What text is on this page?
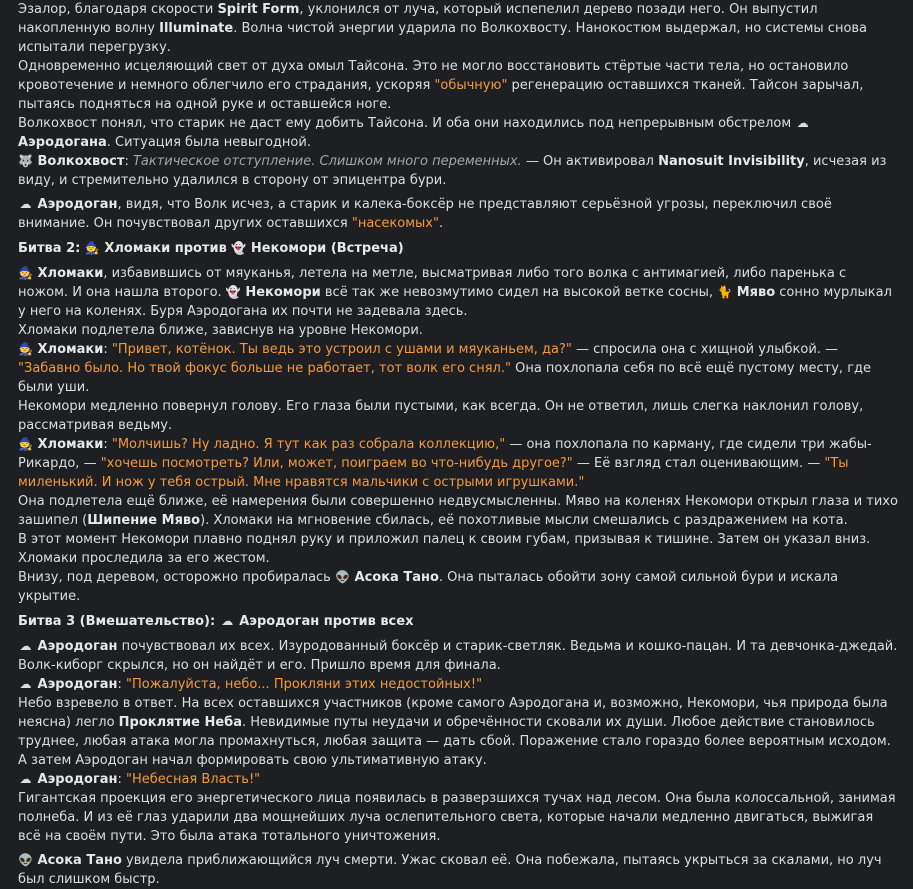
Эзалор, благодаря скорости Spirit Form, уклонился от луча, который испепелил дерево позади него. Он выпустил накопленную волну Illuminate. Волна чистой энергии ударила по Волкохвосту. Нанокостюм выдержал, но системы снова испытали перегрузку.
Одновременно исцеляющий свет от духа омыл Тайсона. Это не могло восстановить стёртые части тела, но остановило кровотечение и немного облегчило его страдания, ускоряя "обычную" регенерацию оставшихся тканей. Тайсон зарычал, пытаясь подняться на одной руке и оставшейся ноге.
Волкохвост понял, что старик не даст ему добить Тайсона. И оба они находились под непрерывным обстрелом ☁ Аэродогана. Ситуация была невыгодной.
🐺 Волкохвост: Тактическое отступление. Слишком много переменных. — Он активировал Nanosuit Invisibility, исчезая из виду, и стремительно удалился в сторону от эпицентра бури.
☁ Аэродоган, видя, что Волк исчез, а старик и калека-боксёр не представляют серьёзной угрозы, переключил своё внимание. Он почувствовал других оставшихся "насекомых".
Битва 2: 🧙 Хломаки против 👻 Некомори (Встреча)
🧙 Хломаки, избавившись от мяуканья, летела на метле, высматривая либо того волка с антимагией, либо паренька с ножом. И она нашла второго. 👻 Некомори всё так же невозмутимо сидел на высокой ветке сосны, 🐈 Мяво сонно мурлыкал у него на коленях. Буря Аэродогана их почти не задевала здесь.
Хломаки подлетела ближе, зависнув на уровне Некомори.
🧙 Хломаки: "Привет, котёнок. Ты ведь это устроил с ушами и мяуканьем, да?" — спросила она с хищной улыбкой. — "Забавно было. Но твой фокус больше не работает, тот волк его снял." Она похлопала себя по всё ещё пустому месту, где были уши.
Некомори медленно повернул голову. Его глаза были пустыми, как всегда. Он не ответил, лишь слегка наклонил голову, рассматривая ведьму.
🧙 Хломаки: "Молчишь? Ну ладно. Я тут как раз собрала коллекцию," — она похлопала по карману, где сидели три жабы-Рикардо, — "хочешь посмотреть? Или, может, поиграем во что-нибудь другое?" — Её взгляд стал оценивающим. — "Ты миленький. И нож у тебя острый. Мне нравятся мальчики с острыми игрушками."
Она подлетела ещё ближе, её намерения были совершенно недвусмысленны. Мяво на коленях Некомори открыл глаза и тихо зашипел (Шипение Мяво). Хломаки на мгновение сбилась, её похотливые мысли смешались с раздражением на кота.
В этот момент Некомори плавно поднял руку и приложил палец к своим губам, призывая к тишине. Затем он указал вниз. Хломаки проследила за его жестом.
Внизу, под деревом, осторожно пробиралась 👽 Асока Тано. Она пыталась обойти зону самой сильной бури и искала укрытие.
Битва 3 (Вмешательство): ☁ Аэродоган против всех
☁ Аэродоган почувствовал их всех. Изуродованный боксёр и старик-светляк. Ведьма и кошко-пацан. И та девчонка-джедай. Волк-киборг скрылся, но он найдёт и его. Пришло время для финала.
☁ Аэродоган: "Пожалуйста, небо... Прокляни этих недостойных!"
Небо взревело в ответ. На всех оставшихся участников (кроме самого Аэродогана и, возможно, Некомори, чья природа была неясна) легло Проклятие Неба. Невидимые путы неудачи и обречённости сковали их души. Любое действие становилось труднее, любая атака могла промахнуться, любая защита — дать сбой. Поражение стало гораздо более вероятным исходом.
А затем Аэродоган начал формировать свою ультимативную атаку.
☁ Аэродоган: "Небесная Власть!"
Гигантская проекция его энергетического лица появилась в разверзшихся тучах над лесом. Она была колоссальной, занимая полнеба. И из её глаз ударили два мощнейших луча ослепительного света, которые начали медленно двигаться, выжигая всё на своём пути. Это была атака тотального уничтожения.
👽 Асока Тано увидела приближающийся луч смерти. Ужас сковал её. Она побежала, пытаясь укрыться за скалами, но луч был слишком быстр.
